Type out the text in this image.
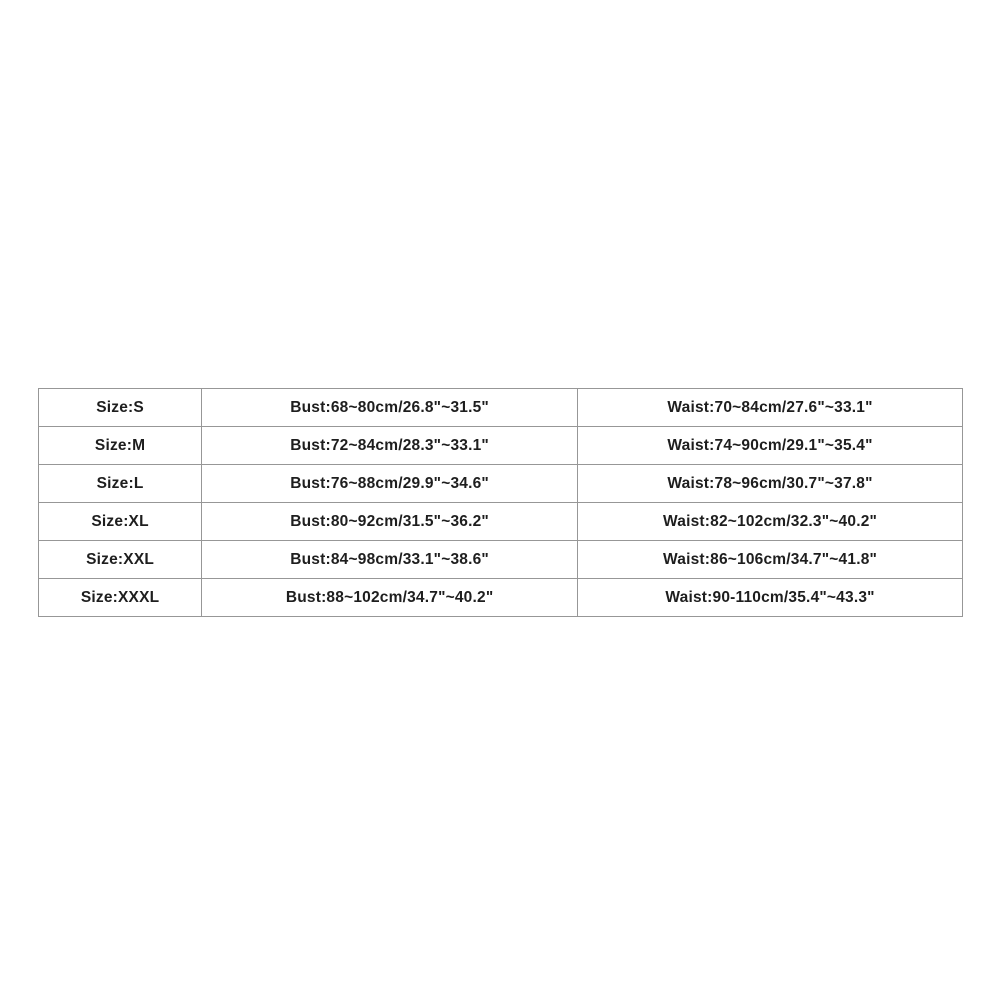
Size:S	Bust:68~80cm/26.8"~31.5"	Waist:70~84cm/27.6"~33.1"
Size:M	Bust:72~84cm/28.3"~33.1"	Waist:74~90cm/29.1"~35.4"
Size:L	Bust:76~88cm/29.9"~34.6"	Waist:78~96cm/30.7"~37.8"
Size:XL	Bust:80~92cm/31.5"~36.2"	Waist:82~102cm/32.3"~40.2"
Size:XXL	Bust:84~98cm/33.1"~38.6"	Waist:86~106cm/34.7"~41.8"
Size:XXXL	Bust:88~102cm/34.7"~40.2"	Waist:90-110cm/35.4"~43.3"
